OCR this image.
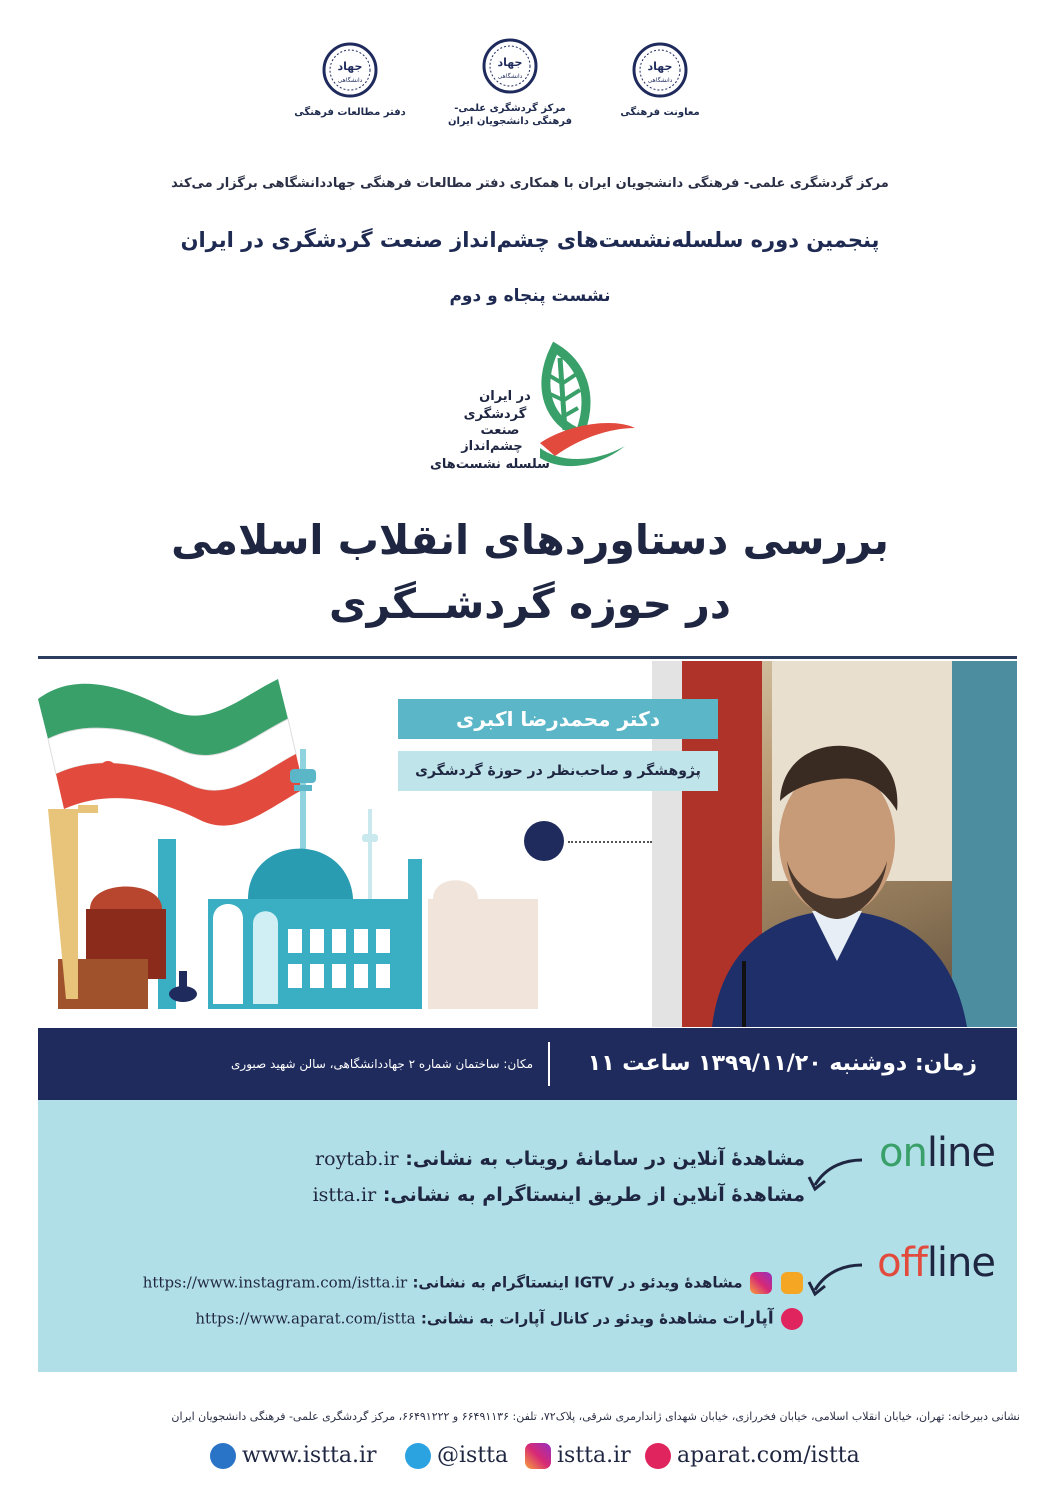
جهاد
دانشگاهی
دفتر مطالعات فرهنگی
جهاد
دانشگاهی
مرکز گردشگری علمی-فرهنگی دانشجویان ایران
جهاد
دانشگاهی
معاونت فرهنگی
مرکز گردشگری علمی- فرهنگی دانشجویان ایران با همکاری دفتر مطالعات فرهنگی جهاددانشگاهی برگزار می‌کند
پنجمین دوره سلسله‌نشست‌های چشم‌انداز صنعت گردشگری در ایران
نشست پنجاه و دوم
در ایران
گردشگری
صنعت
چشم‌انداز
سلسله نشست‌های
بررسی دستاوردهای انقلاب اسلامی
در حوزه گردشــگری
دکتر محمدرضا اکبری
پژوهشگر و صاحب‌نظر در حوزهٔ گردشگری
زمان: دوشنبه ۱۳۹۹/۱۱/۲۰ ساعت ۱۱
مکان: ساختمان شماره ۲ جهاددانشگاهی، سالن شهید صبوری
online
مشاهدهٔ آنلاین در سامانهٔ رویتاب به نشانی: roytab.ir
مشاهدهٔ آنلاین از طریق اینستاگرام به نشانی: istta.ir
offline
مشاهدهٔ ویدئو در IGTV اینستاگرام به نشانی: https://www.instagram.com/istta.ir
آپارات مشاهدهٔ ویدئو در کانال آپارات به نشانی: https://www.aparat.com/istta
نشانی دبیرخانه: تهران، خیابان انقلاب اسلامی، خیابان فخررازی، خیابان شهدای ژاندارمری شرقی، پلاک۷۲، تلفن: ۶۶۴۹۱۱۳۶ و ۶۶۴۹۱۲۲۲، مرکز گردشگری علمی- فرهنگی دانشجویان ایران
www.istta.ir	@istta	istta.ir	aparat.com/istta
